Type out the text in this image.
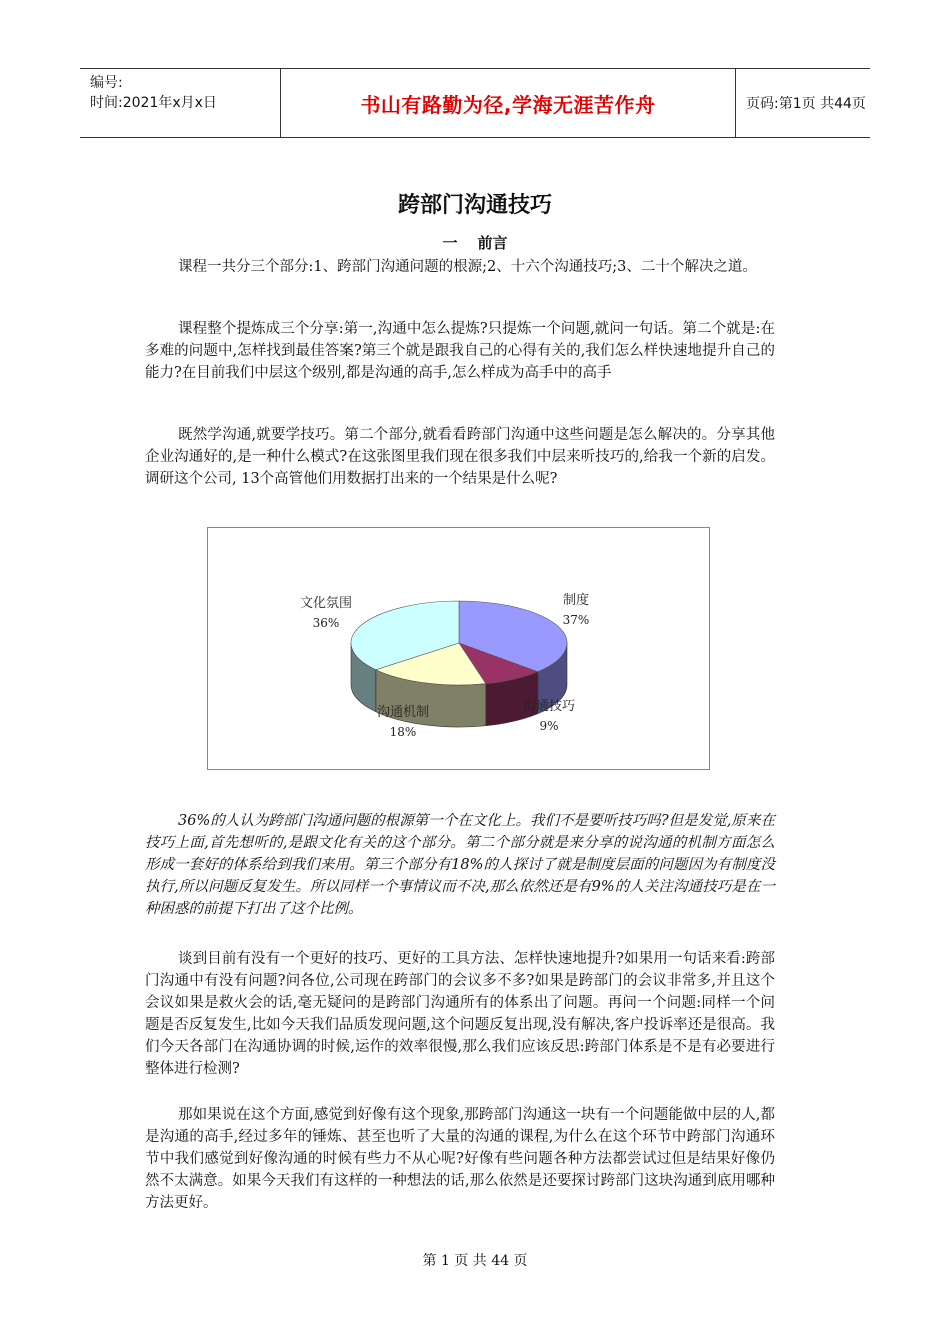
编号:
时间:2021年x月x日	书山有路勤为径,学海无涯苦作舟	页码:第1页 共44页
跨部门沟通技巧
一 前言

课程一共分三个部分:1、跨部门沟通问题的根源;2、十六个沟通技巧;3、二十个解决之道。

课程整个提炼成三个分享:第一,沟通中怎么提炼?只提炼一个问题,就问一句话。第二个就是:在多难的问题中,怎样找到最佳答案?第三个就是跟我自己的心得有关的,我们怎么样快速地提升自己的能力?在目前我们中层这个级别,都是沟通的高手,怎么样成为高手中的高手

既然学沟通,就要学技巧。第二个部分,就看看跨部门沟通中这些问题是怎么解决的。分享其他企业沟通好的,是一种什么模式?在这张图里我们现在很多我们中层来听技巧的,给我一个新的启发。调研这个公司, 13个高管他们用数据打出来的一个结果是什么呢?

制度
37%
沟通技巧
9%
沟通机制
18%
文化氛围
36%

36%的人认为跨部门沟通问题的根源第一个在文化上。我们不是要听技巧吗?但是发觉,原来在技巧上面,首先想听的,是跟文化有关的这个部分。第二个部分就是来分享的说沟通的机制方面怎么形成一套好的体系给到我们来用。第三个部分有18%的人探讨了就是制度层面的问题因为有制度没执行,所以问题反复发生。所以同样一个事情议而不决,那么依然还是有9%的人关注沟通技巧是在一种困惑的前提下打出了这个比例。

谈到目前有没有一个更好的技巧、更好的工具方法、怎样快速地提升?如果用一句话来看:跨部门沟通中有没有问题?问各位,公司现在跨部门的会议多不多?如果是跨部门的会议非常多,并且这个会议如果是救火会的话,毫无疑问的是跨部门沟通所有的体系出了问题。再问一个问题:同样一个问题是否反复发生,比如今天我们品质发现问题,这个问题反复出现,没有解决,客户投诉率还是很高。我们今天各部门在沟通协调的时候,运作的效率很慢,那么我们应该反思:跨部门体系是不是有必要进行整体进行检测?

那如果说在这个方面,感觉到好像有这个现象,那跨部门沟通这一块有一个问题能做中层的人,都是沟通的高手,经过多年的锤炼、甚至也听了大量的沟通的课程,为什么在这个环节中跨部门沟通环节中我们感觉到好像沟通的时候有些力不从心呢?好像有些问题各种方法都尝试过但是结果好像仍然不太满意。如果今天我们有这样的一种想法的话,那么依然是还要探讨跨部门这块沟通到底用哪种方法更好。

第 1 页 共 44 页
